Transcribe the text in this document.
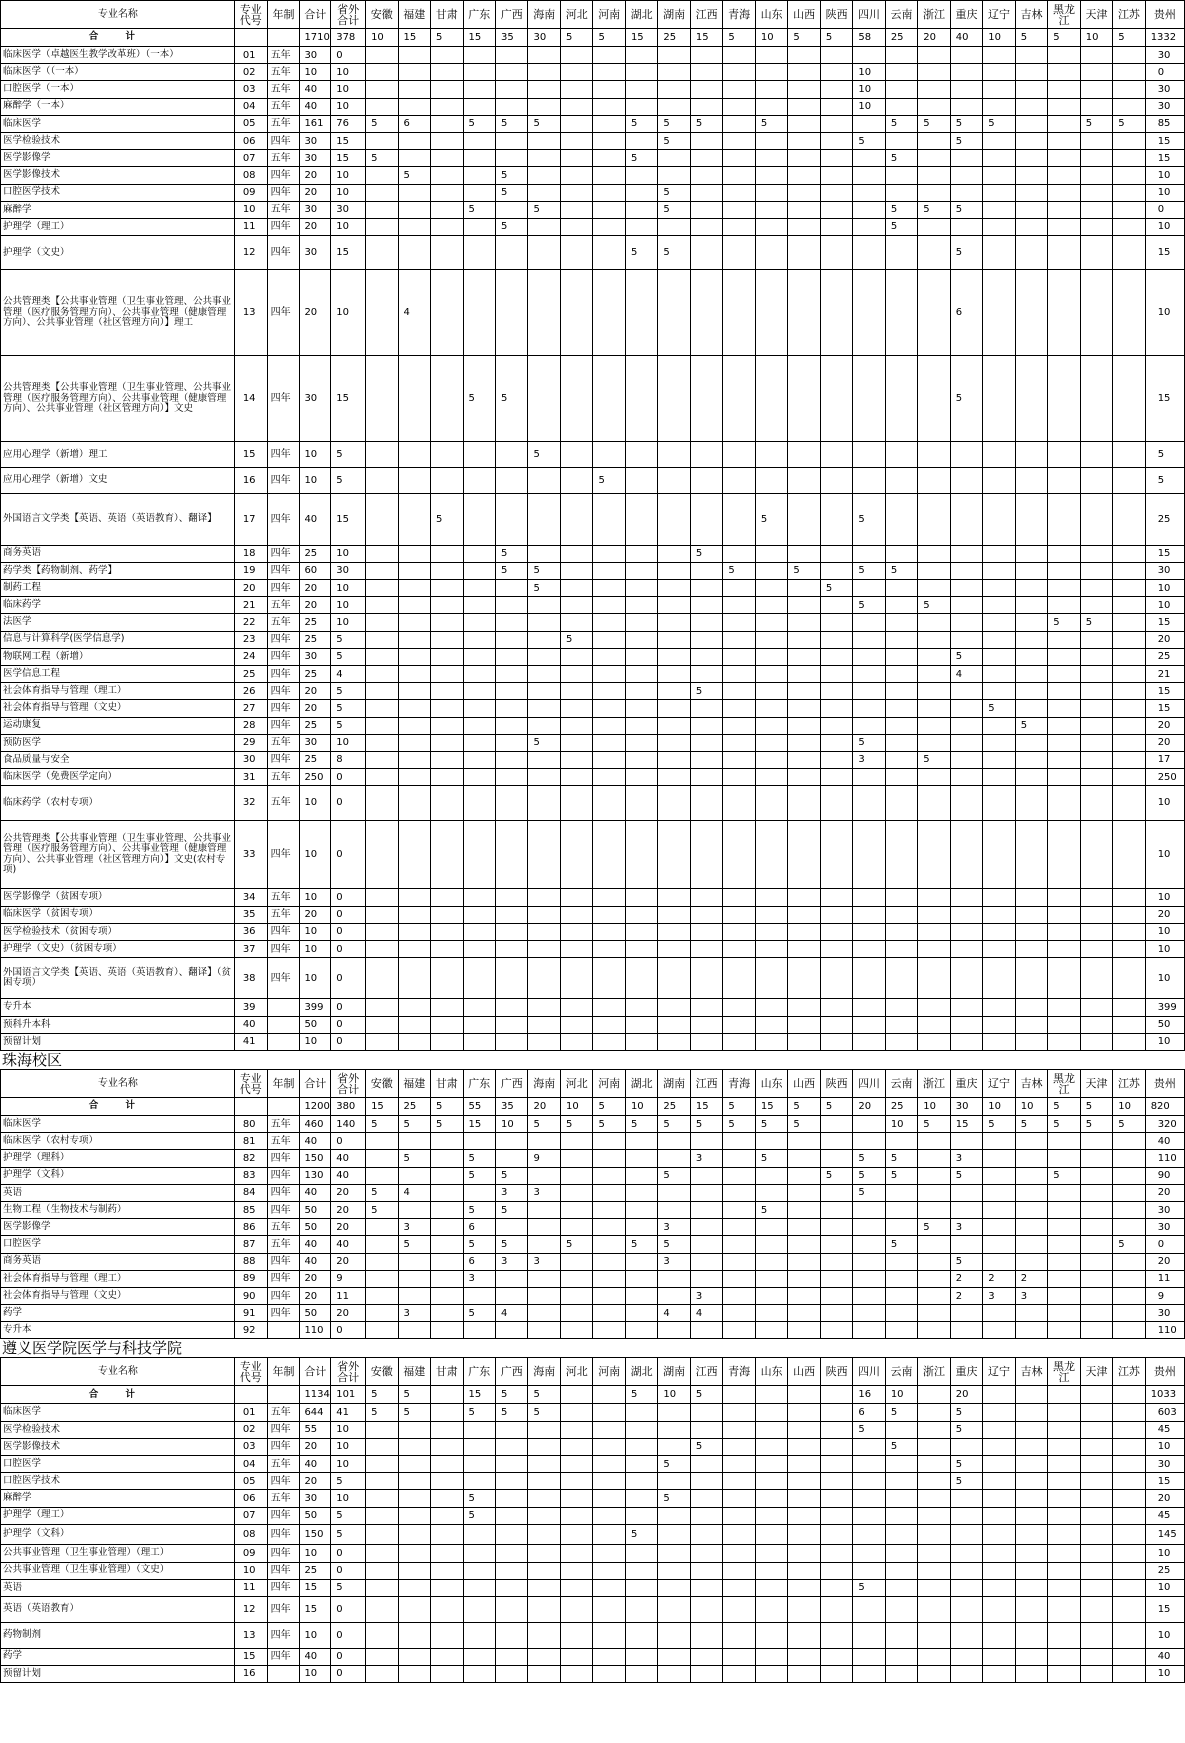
专业名称	专业代号	年制	合计	省外合计	安徽	福建	甘肃	广东	广西	海南	河北	河南	湖北	湖南	江西	青海	山东	山西	陕西	四川	云南	浙江	重庆	辽宁	吉林	黑龙江	天津	江苏	贵州
合 计			1710	378	10	15	5	15	35	30	5	5	15	25	15	5	10	5	5	58	25	20	40	10	5	5	10	5	1332
临床医学（卓越医生教学改革班）（一本）	01	五年	30	0																									30
临床医学（（一本）	02	五年	10	10																10									0
口腔医学（一本）	03	五年	40	10																10									30
麻醉学（一本）	04	五年	40	10																10									30
临床医学	05	五年	161	76	5	6		5	5	5			5	5	5		5				5	5	5	5			5	5	85
医学检验技术	06	四年	30	15										5						5			5						15
医学影像学	07	五年	30	15	5								5								5								15
医学影像技术	08	四年	20	10		5			5																				10
口腔医学技术	09	四年	20	10					5					5															10
麻醉学	10	五年	30	30				5		5				5							5	5	5						0
护理学（理工）	11	四年	20	10					5												5								10
护理学（文史）	12	四年	30	15									5	5									5						15
公共管理类【公共事业管理（卫生事业管理、公共事业管理（医疗服务管理方向）、公共事业管理（健康管理方向）、公共事业管理（社区管理方向）】理工	13	四年	20	10		4																	6						10
公共管理类【公共事业管理（卫生事业管理、公共事业管理（医疗服务管理方向）、公共事业管理（健康管理方向）、公共事业管理（社区管理方向）】文史	14	四年	30	15				5	5														5						15
应用心理学（新增）理工	15	四年	10	5						5																			5
应用心理学（新增）文史	16	四年	10	5								5																	5
外国语言文学类【英语、英语（英语教育）、翻译】	17	四年	40	15			5										5			5									25
商务英语	18	四年	25	10					5						5														15
药学类【药物制剂、药学】	19	四年	60	30					5	5						5		5		5	5								30
制药工程	20	四年	20	10						5									5										10
临床药学	21	五年	20	10																5		5							10
法医学	22	五年	25	10																						5	5		15
信息与计算科学(医学信息学)	23	四年	25	5							5																		20
物联网工程（新增）	24	四年	30	5																			5						25
医学信息工程	25	四年	25	4																			4						21
社会体育指导与管理（理工）	26	四年	20	5											5														15
社会体育指导与管理（文史）	27	四年	20	5																				5					15
运动康复	28	四年	25	5																					5				20
预防医学	29	五年	30	10						5										5									20
食品质量与安全	30	四年	25	8																3		5							17
临床医学（免费医学定向）	31	五年	250	0																									250
临床药学（农村专项）	32	五年	10	0																									10
公共管理类【公共事业管理（卫生事业管理、公共事业管理（医疗服务管理方向）、公共事业管理（健康管理方向）、公共事业管理（社区管理方向）】文史(农村专项)	33	四年	10	0																									10
医学影像学（贫困专项）	34	五年	10	0																									10
临床医学（贫困专项）	35	五年	20	0																									20
医学检验技术（贫困专项）	36	四年	10	0																									10
护理学（文史）（贫困专项）	37	四年	10	0																									10
外国语言文学类【英语、英语（英语教育）、翻译】（贫困专项）	38	四年	10	0																									10
专升本	39		399	0																									399
预科升本科	40		50	0																									50
预留计划	41		10	0																									10
珠海校区
专业名称	专业代号	年制	合计	省外合计	安徽	福建	甘肃	广东	广西	海南	河北	河南	湖北	湖南	江西	青海	山东	山西	陕西	四川	云南	浙江	重庆	辽宁	吉林	黑龙江	天津	江苏	贵州
合 计			1200	380	15	25	5	55	35	20	10	5	10	25	15	5	15	5	5	20	25	10	30	10	10	5	5	10	820
临床医学	80	五年	460	140	5	5	5	15	10	5	5	5	5	5	5	5	5	5			10	5	15	5	5	5	5	5	320
临床医学（农村专项）	81	五年	40	0																									40
护理学（理科）	82	四年	150	40		5		5		9					3		5			5	5		3						110
护理学（文科）	83	四年	130	40				5	5					5					5	5	5		5			5			90
英语	84	四年	40	20	5	4			3	3										5									20
生物工程（生物技术与制药）	85	四年	50	20	5			5	5								5												30
医学影像学	86	五年	50	20		3		6						3								5	3						30
口腔医学	87	五年	40	40		5		5	5		5		5	5							5							5	0
商务英语	88	四年	40	20				6	3	3				3									5						20
社会体育指导与管理（理工）	89	四年	20	9				3															2	2	2				11
社会体育指导与管理（文史）	90	四年	20	11											3								2	3	3				9
药学	91	四年	50	20		3		5	4					4	4														30
专升本	92		110	0																									110
遵义医学院医学与科技学院
专业名称	专业代号	年制	合计	省外合计	安徽	福建	甘肃	广东	广西	海南	河北	河南	湖北	湖南	江西	青海	山东	山西	陕西	四川	云南	浙江	重庆	辽宁	吉林	黑龙江	天津	江苏	贵州
合 计			1134	101	5	5		15	5	5			5	10	5					16	10		20						1033
临床医学	01	五年	644	41	5	5		5	5	5										6	5		5						603
医学检验技术	02	四年	55	10																5			5						45
医学影像技术	03	四年	20	10											5						5								10
口腔医学	04	五年	40	10										5									5						30
口腔医学技术	05	四年	20	5																			5						15
麻醉学	06	五年	30	10				5						5															20
护理学（理工）	07	四年	50	5				5																					45
护理学（文科）	08	四年	150	5									5																145
公共事业管理（卫生事业管理）（理工）	09	四年	10	0																									10
公共事业管理（卫生事业管理）（文史）	10	四年	25	0																									25
英语	11	四年	15	5																5									10
英语（英语教育）	12	四年	15	0																									15
药物制剂	13	四年	10	0																									10
药学	15	四年	40	0																									40
预留计划	16		10	0																									10
